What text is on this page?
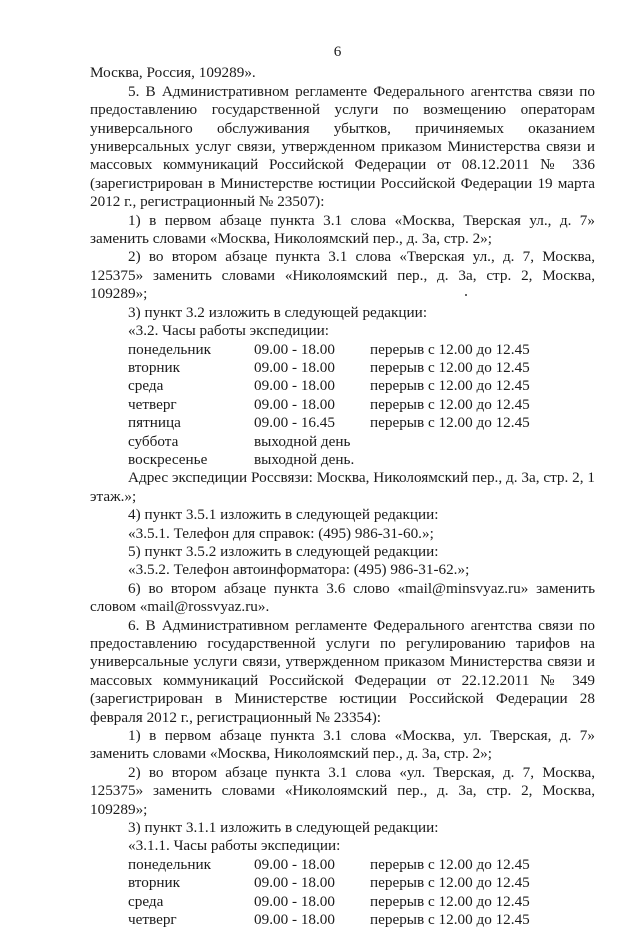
6

Москва, Россия, 109289».

5. В Административном регламенте Федерального агентства связи по предоставлению государственной услуги по возмещению операторам универсального обслуживания убытков, причиняемых оказанием универсальных услуг связи, утвержденном приказом Министерства связи и массовых коммуникаций Российской Федерации от 08.12.2011 № 336 (зарегистрирован в Министерстве юстиции Российской Федерации 19 марта 2012 г., регистрационный № 23507):

1) в первом абзаце пункта 3.1 слова «Москва, Тверская ул., д. 7» заменить словами «Москва, Николоямский пер., д. 3а, стр. 2»;

2) во втором абзаце пункта 3.1 слова «Тверская ул., д. 7, Москва, 125375» заменить словами «Николоямский пер., д. 3а, стр. 2, Москва, 109289»;

3) пункт 3.2 изложить в следующей редакции:

«3.2. Часы работы экспедиции:

понедельник	09.00 - 18.00	перерыв с 12.00 до 12.45
вторник	09.00 - 18.00	перерыв с 12.00 до 12.45
среда	09.00 - 18.00	перерыв с 12.00 до 12.45
четверг	09.00 - 18.00	перерыв с 12.00 до 12.45
пятница	09.00 - 16.45	перерыв с 12.00 до 12.45
суббота	выходной день
воскресенье	выходной день.

Адрес экспедиции Россвязи: Москва, Николоямский пер., д. 3а, стр. 2, 1 этаж.»;

4) пункт 3.5.1 изложить в следующей редакции:

«3.5.1. Телефон для справок: (495) 986-31-60.»;

5) пункт 3.5.2 изложить в следующей редакции:

«3.5.2. Телефон автоинформатора: (495) 986-31-62.»;

6) во втором абзаце пункта 3.6 слово «mail@minsvyaz.ru» заменить словом «mail@rossvyaz.ru».

6. В Административном регламенте Федерального агентства связи по предоставлению государственной услуги по регулированию тарифов на универсальные услуги связи, утвержденном приказом Министерства связи и массовых коммуникаций Российской Федерации от 22.12.2011 № 349 (зарегистрирован в Министерстве юстиции Российской Федерации 28 февраля 2012 г., регистрационный № 23354):

1) в первом абзаце пункта 3.1 слова «Москва, ул. Тверская, д. 7» заменить словами «Москва, Николоямский пер., д. 3а, стр. 2»;

2) во втором абзаце пункта 3.1 слова «ул. Тверская, д. 7, Москва, 125375» заменить словами «Николоямский пер., д. 3а, стр. 2, Москва, 109289»;

3) пункт 3.1.1 изложить в следующей редакции:

«3.1.1. Часы работы экспедиции:

понедельник	09.00 - 18.00	перерыв с 12.00 до 12.45
вторник	09.00 - 18.00	перерыв с 12.00 до 12.45
среда	09.00 - 18.00	перерыв с 12.00 до 12.45
четверг	09.00 - 18.00	перерыв с 12.00 до 12.45
